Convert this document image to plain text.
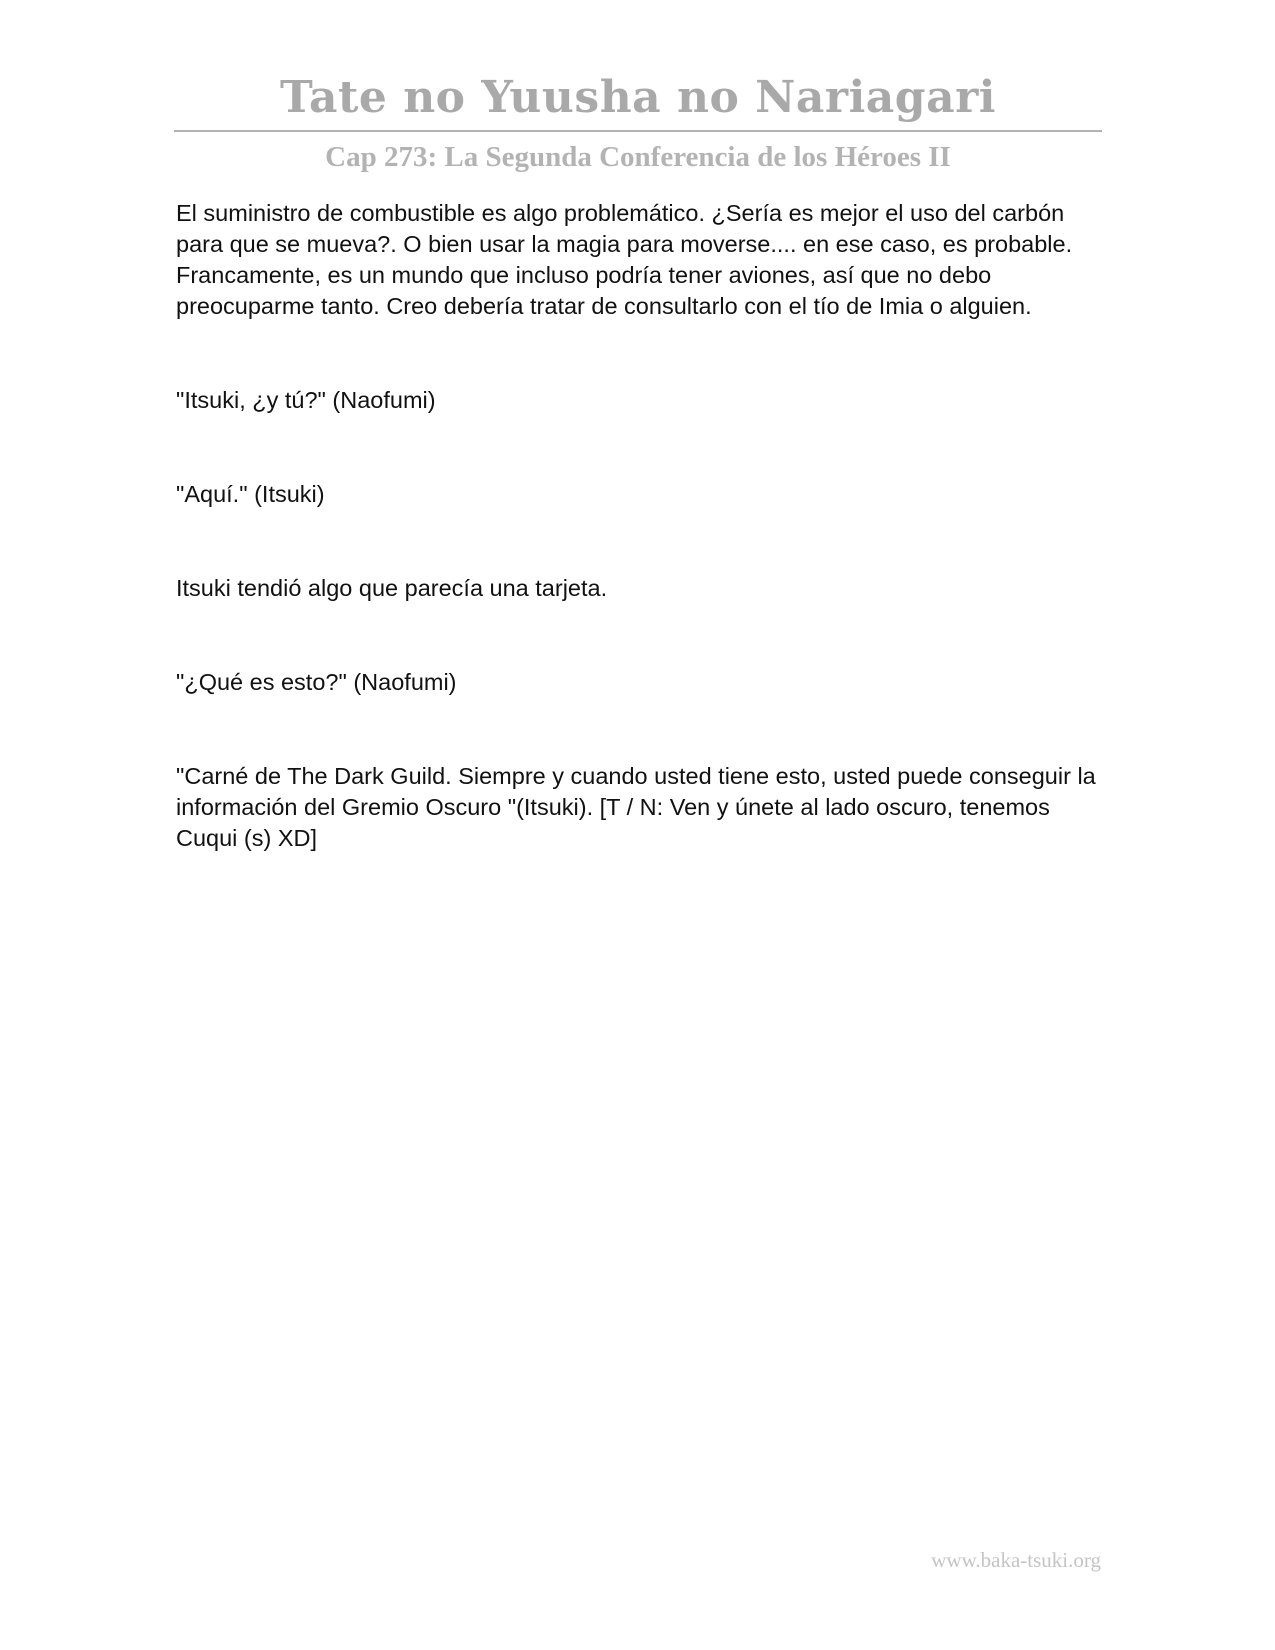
Tate no Yuusha no Nariagari
Cap 273: La Segunda Conferencia de los Héroes II

El suministro de combustible es algo problemático. ¿Sería es mejor el uso del carbón para que se mueva?. O bien usar la magia para moverse.... en ese caso, es probable. Francamente, es un mundo que incluso podría tener aviones, así que no debo preocuparme tanto. Creo debería tratar de consultarlo con el tío de Imia o alguien.

"Itsuki, ¿y tú?" (Naofumi)

"Aquí." (Itsuki)

Itsuki tendió algo que parecía una tarjeta.

"¿Qué es esto?" (Naofumi)

"Carné de The Dark Guild. Siempre y cuando usted tiene esto, usted puede conseguir la información del Gremio Oscuro "(Itsuki). [T / N: Ven y únete al lado oscuro, tenemos Cuqui (s) XD]

www.baka-tsuki.org
